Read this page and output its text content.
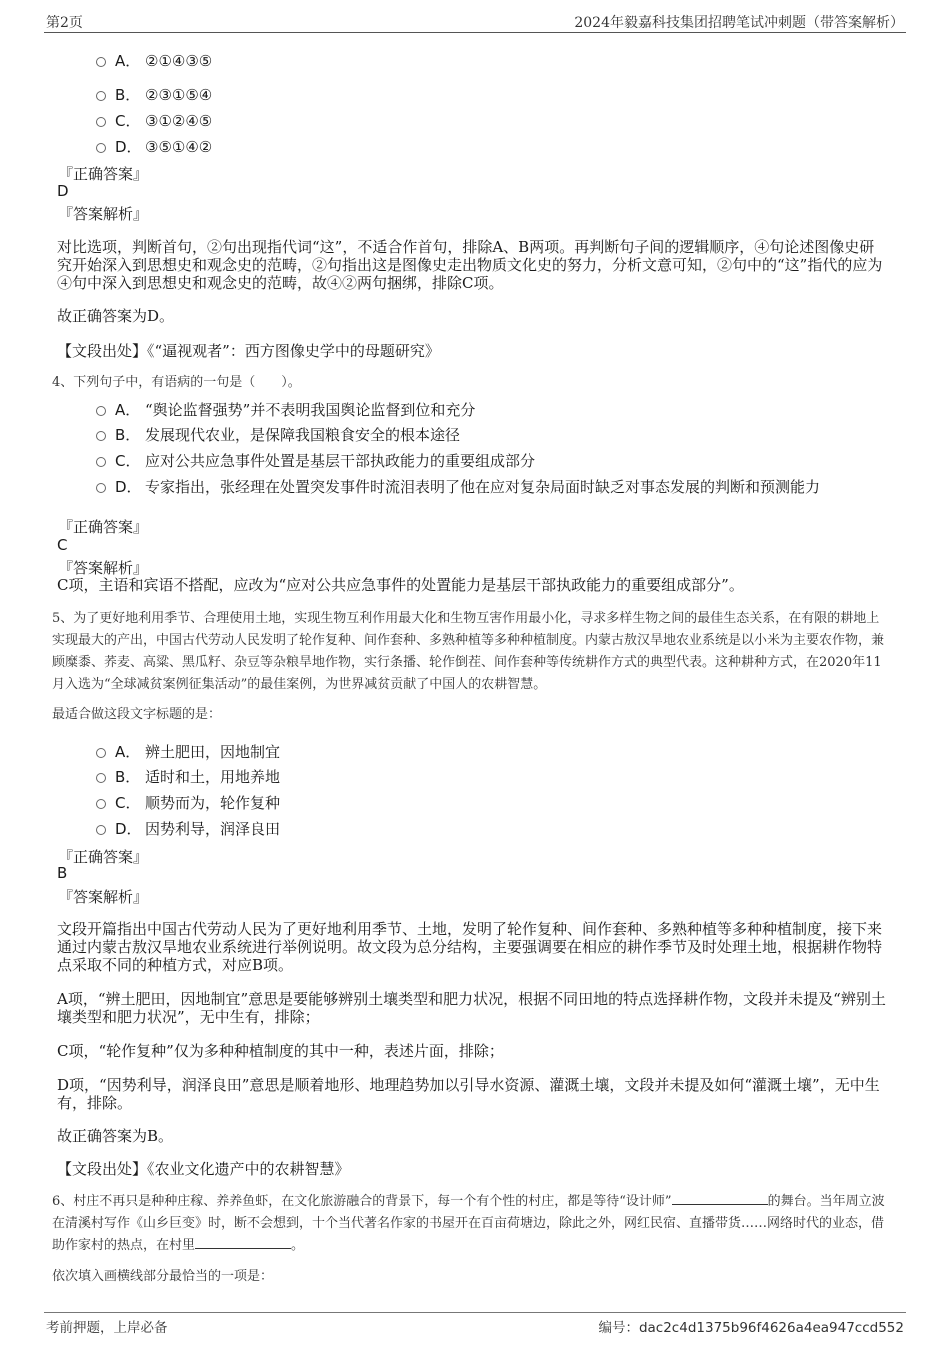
第2页	2024年毅嘉科技集团招聘笔试冲刺题（带答案解析）
A． ②①④③⑤
B． ②③①⑤④
C． ③①②④⑤
D． ③⑤①④②
『正确答案』
D
『答案解析』
对比选项，判断首句，②句出现指代词“这”，不适合作首句，排除A、B两项。再判断句子间的逻辑顺序，④句论述图像史研究开始深入到思想史和观念史的范畴，②句指出这是图像史走出物质文化史的努力，分析文意可知，②句中的“这”指代的应为④句中深入到思想史和观念史的范畴，故④②两句捆绑，排除C项。
故正确答案为D。
【文段出处】《“逼视观者”：西方图像史学中的母题研究》
4、下列句子中，有语病的一句是（　　）。
A． “舆论监督强势”并不表明我国舆论监督到位和充分
B． 发展现代农业，是保障我国粮食安全的根本途径
C． 应对公共应急事件处置是基层干部执政能力的重要组成部分
D． 专家指出，张经理在处置突发事件时流泪表明了他在应对复杂局面时缺乏对事态发展的判断和预测能力
『正确答案』
C
『答案解析』
C项，主语和宾语不搭配，应改为“应对公共应急事件的处置能力是基层干部执政能力的重要组成部分”。
5、为了更好地利用季节、合理使用土地，实现生物互利作用最大化和生物互害作用最小化，寻求多样生物之间的最佳生态关系，在有限的耕地上实现最大的产出，中国古代劳动人民发明了轮作复种、间作套种、多熟种植等多种种植制度。内蒙古敖汉旱地农业系统是以小米为主要农作物，兼顾糜黍、荞麦、高粱、黑瓜籽、杂豆等杂粮旱地作物，实行条播、轮作倒茬、间作套种等传统耕作方式的典型代表。这种耕种方式，在2020年11月入选为“全球减贫案例征集活动”的最佳案例，为世界减贫贡献了中国人的农耕智慧。
最适合做这段文字标题的是：
A． 辨土肥田，因地制宜
B． 适时和土，用地养地
C． 顺势而为，轮作复种
D． 因势利导，润泽良田
『正确答案』
B
『答案解析』
文段开篇指出中国古代劳动人民为了更好地利用季节、土地，发明了轮作复种、间作套种、多熟种植等多种种植制度，接下来通过内蒙古敖汉旱地农业系统进行举例说明。故文段为总分结构，主要强调要在相应的耕作季节及时处理土地，根据耕作物特点采取不同的种植方式，对应B项。
A项，“辨土肥田，因地制宜”意思是要能够辨别土壤类型和肥力状况，根据不同田地的特点选择耕作物，文段并未提及“辨别土壤类型和肥力状况”，无中生有，排除；
C项，“轮作复种”仅为多种种植制度的其中一种，表述片面，排除；
D项，“因势利导，润泽良田”意思是顺着地形、地理趋势加以引导水资源、灌溉土壤，文段并未提及如何“灌溉土壤”，无中生有，排除。
故正确答案为B。
【文段出处】《农业文化遗产中的农耕智慧》
6、村庄不再只是种种庄稼、养养鱼虾，在文化旅游融合的背景下，每一个有个性的村庄，都是等待“设计师”	的舞台。当年周立波在清溪村写作《山乡巨变》时，断不会想到，十个当代著名作家的书屋开在百亩荷塘边，除此之外，网红民宿、直播带货……网络时代的业态，借助作家村的热点，在村里	。
依次填入画横线部分最恰当的一项是：
考前押题，上岸必备	编号：dac2c4d1375b96f4626a4ea947ccd552
